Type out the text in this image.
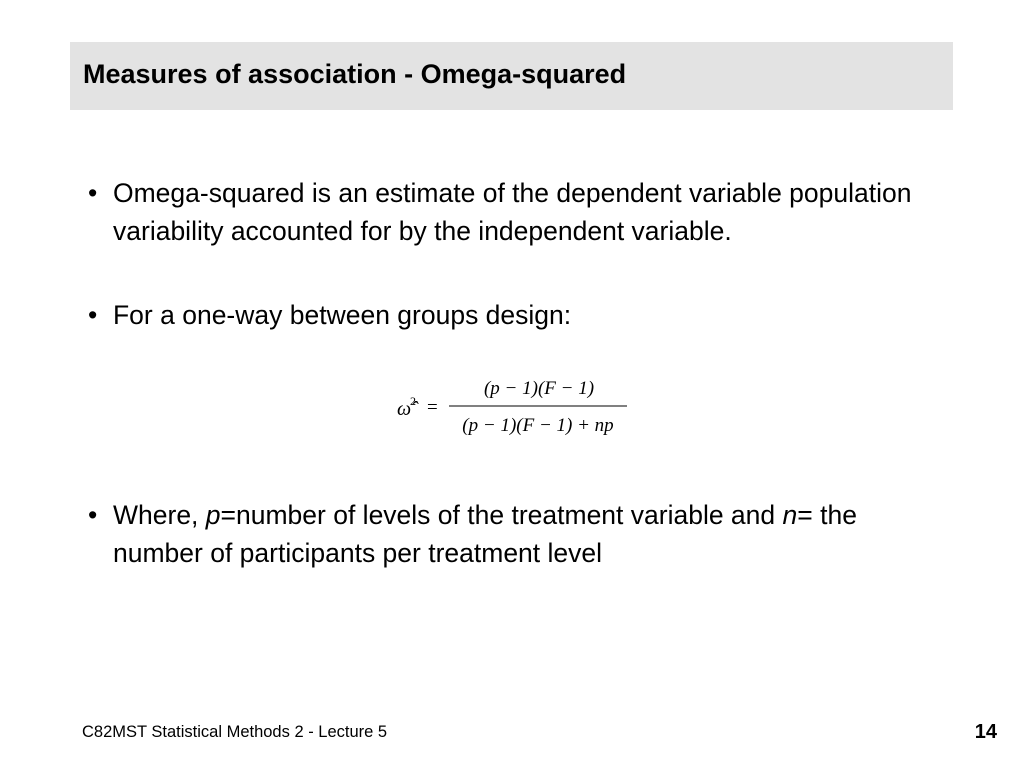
Measures of association - Omega-squared
• Omega-squared is an estimate of the dependent variable population variability accounted for by the independent variable.
• For a one-way between groups design:
ω̂
2 =
(p − 1)(F − 1)
(p − 1)(F − 1) + np
• Where, p=number of levels of the treatment variable and n= the number of participants per treatment level
C82MST Statistical Methods 2 - Lecture 5	14
